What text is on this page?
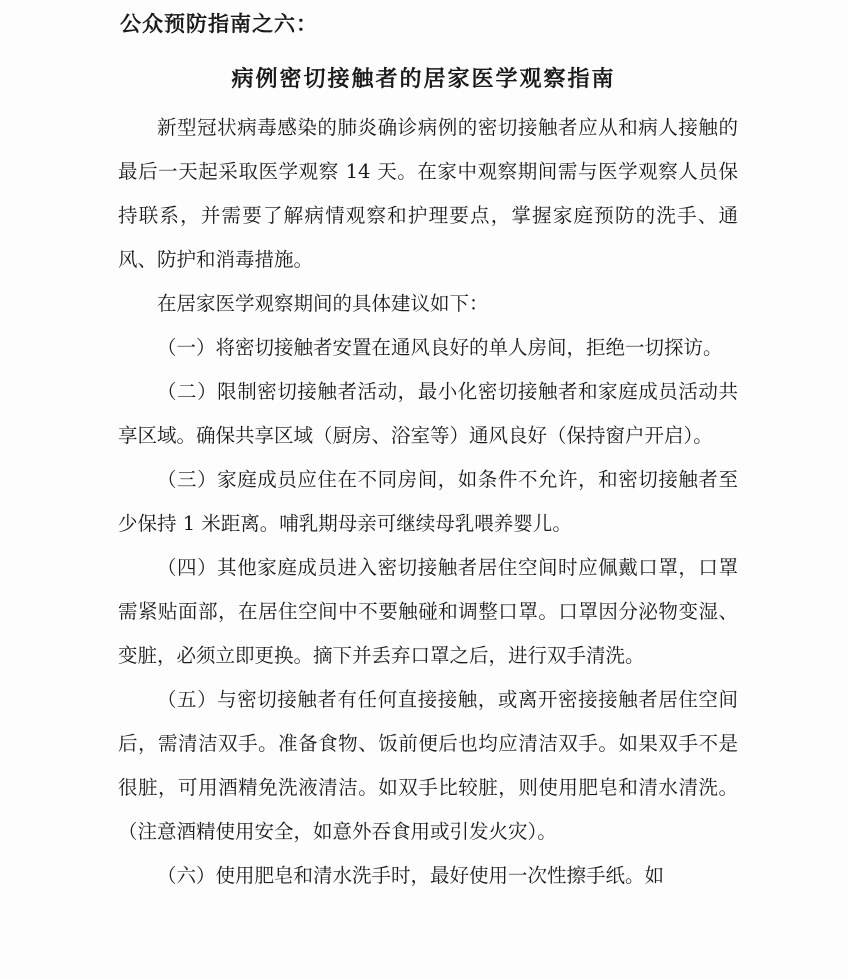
公众预防指南之六：
病例密切接触者的居家医学观察指南

新型冠状病毒感染的肺炎确诊病例的密切接触者应从和病人接触的最后一天起采取医学观察 14 天。在家中观察期间需与医学观察人员保持联系，并需要了解病情观察和护理要点，掌握家庭预防的洗手、通风、防护和消毒措施。

在居家医学观察期间的具体建议如下：

（一）将密切接触者安置在通风良好的单人房间，拒绝一切探访。

（二）限制密切接触者活动，最小化密切接触者和家庭成员活动共享区域。确保共享区域（厨房、浴室等）通风良好（保持窗户开启）。

（三）家庭成员应住在不同房间，如条件不允许，和密切接触者至少保持 1 米距离。哺乳期母亲可继续母乳喂养婴儿。

（四）其他家庭成员进入密切接触者居住空间时应佩戴口罩，口罩需紧贴面部，在居住空间中不要触碰和调整口罩。口罩因分泌物变湿、变脏，必须立即更换。摘下并丢弃口罩之后，进行双手清洗。

（五）与密切接触者有任何直接接触，或离开密接接触者居住空间后，需清洁双手。准备食物、饭前便后也均应清洁双手。如果双手不是很脏，可用酒精免洗液清洁。如双手比较脏，则使用肥皂和清水清洗。（注意酒精使用安全，如意外吞食用或引发火灾）。

（六）使用肥皂和清水洗手时，最好使用一次性擦手纸。如
